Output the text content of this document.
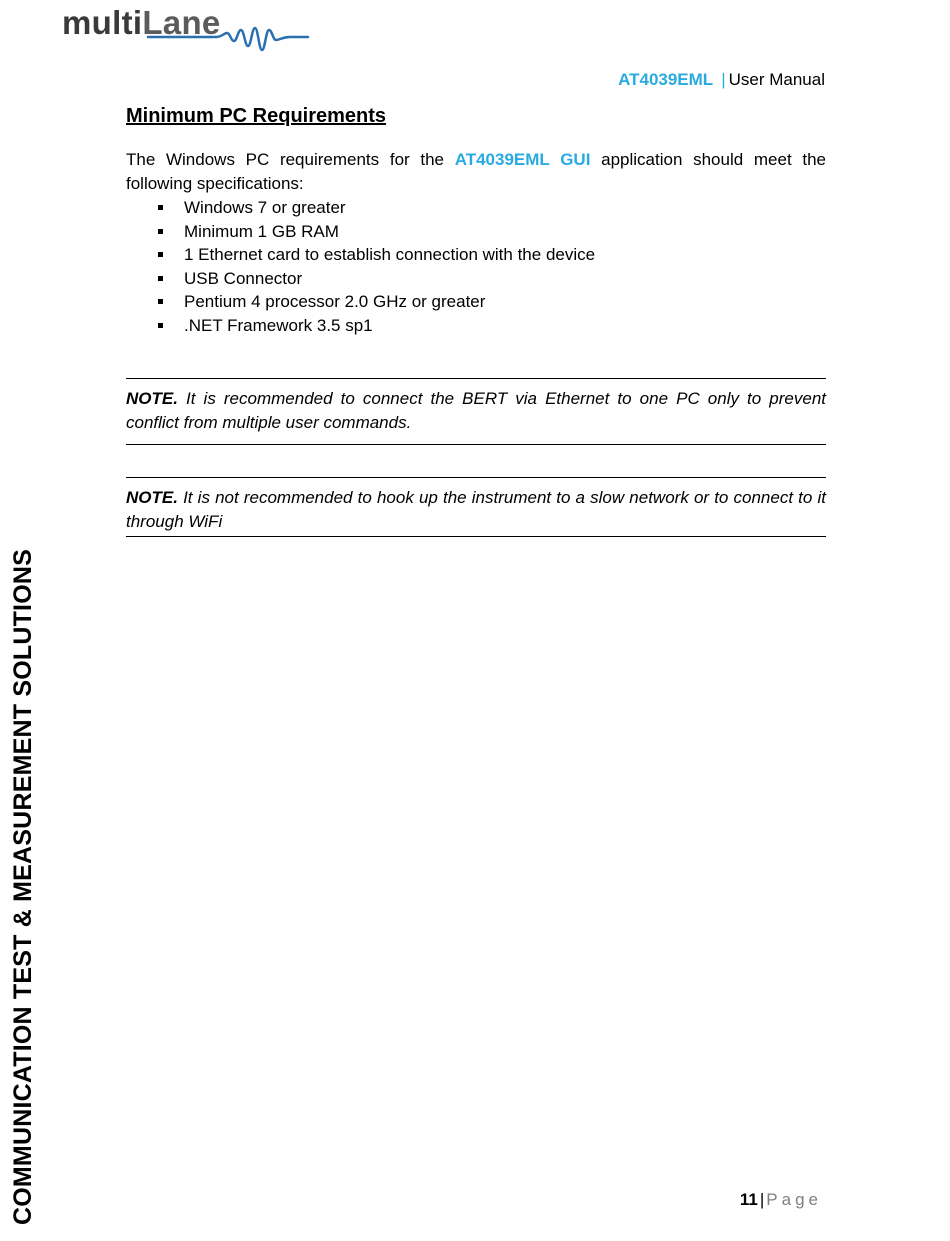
multiLane
AT4039EML | User Manual
Minimum PC Requirements

The Windows PC requirements for the AT4039EML GUI application should meet the following specifications:

Windows 7 or greater
Minimum 1 GB RAM
1 Ethernet card to establish connection with the device
USB Connector
Pentium 4 processor 2.0 GHz or greater
.NET Framework 3.5 sp1
NOTE. It is recommended to connect the BERT via Ethernet to one PC only to prevent conflict from multiple user commands.
NOTE. It is not recommended to hook up the instrument to a slow network or to connect to it through WiFi
COMMUNICATION TEST & MEASUREMENT SOLUTIONS	11 | Page
